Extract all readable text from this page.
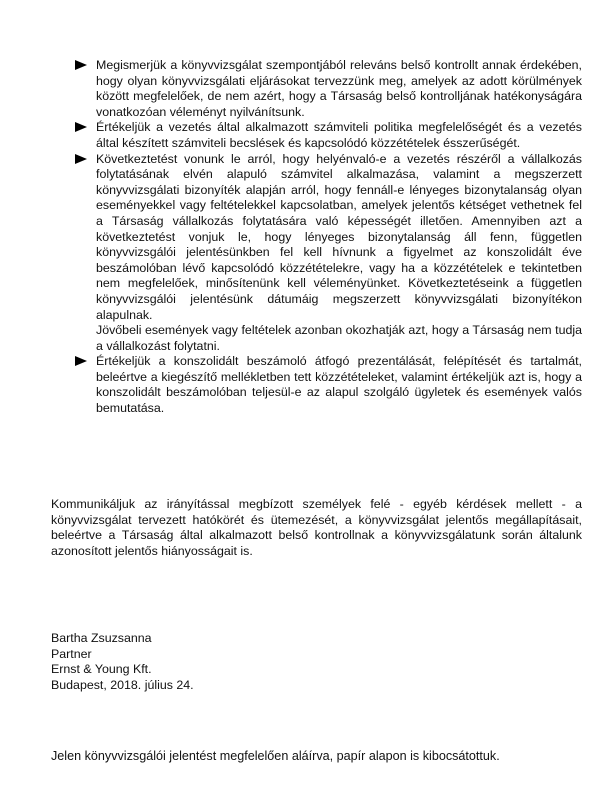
Megismerjük a könyvvizsgálat szempontjából releváns belső kontrollt annak érdekében, hogy olyan könyvvizsgálati eljárásokat tervezzünk meg, amelyek az adott körülmények között megfelelőek, de nem azért, hogy a Társaság belső kontrolljának hatékonyságára vonatkozóan véleményt nyilvánítsunk.

Értékeljük a vezetés által alkalmazott számviteli politika megfelelőségét és a vezetés által készített számviteli becslések és kapcsolódó közzétételek ésszerűségét.

Következtetést vonunk le arról, hogy helyénvaló-e a vezetés részéről a vállalkozás folytatásának elvén alapuló számvitel alkalmazása, valamint a megszerzett könyvvizsgálati bizonyíték alapján arról, hogy fennáll-e lényeges bizonytalanság olyan eseményekkel vagy feltételekkel kapcsolatban, amelyek jelentős kétséget vethetnek fel a Társaság vállalkozás folytatására való képességét illetően. Amennyiben azt a következtetést vonjuk le, hogy lényeges bizonytalanság áll fenn, független könyvvizsgálói jelentésünkben fel kell hívnunk a figyelmet az konszolidált éve beszámolóban lévő kapcsolódó közzétételekre, vagy ha a közzétételek e tekintetben nem megfelelőek, minősítenünk kell véleményünket. Következtetéseink a független könyvvizsgálói jelentésünk dátumáig megszerzett könyvvizsgálati bizonyítékon alapulnak.

Jövőbeli események vagy feltételek azonban okozhatják azt, hogy a Társaság nem tudja a vállalkozást folytatni.

Értékeljük a konszolidált beszámoló átfogó prezentálását, felépítését és tartalmát, beleértve a kiegészítő mellékletben tett közzétételeket, valamint értékeljük azt is, hogy a konszolidált beszámolóban teljesül-e az alapul szolgáló ügyletek és események valós bemutatása.

Kommunikáljuk az irányítással megbízott személyek felé - egyéb kérdések mellett - a könyvvizsgálat tervezett hatókörét és ütemezését, a könyvvizsgálat jelentős megállapításait, beleértve a Társaság által alkalmazott belső kontrollnak a könyvvizsgálatunk során általunk azonosított jelentős hiányosságait is.

Bartha Zsuzsanna
Partner
Ernst & Young Kft.
Budapest, 2018. július 24.

Jelen könyvvizsgálói jelentést megfelelően aláírva, papír alapon is kibocsátottuk.
